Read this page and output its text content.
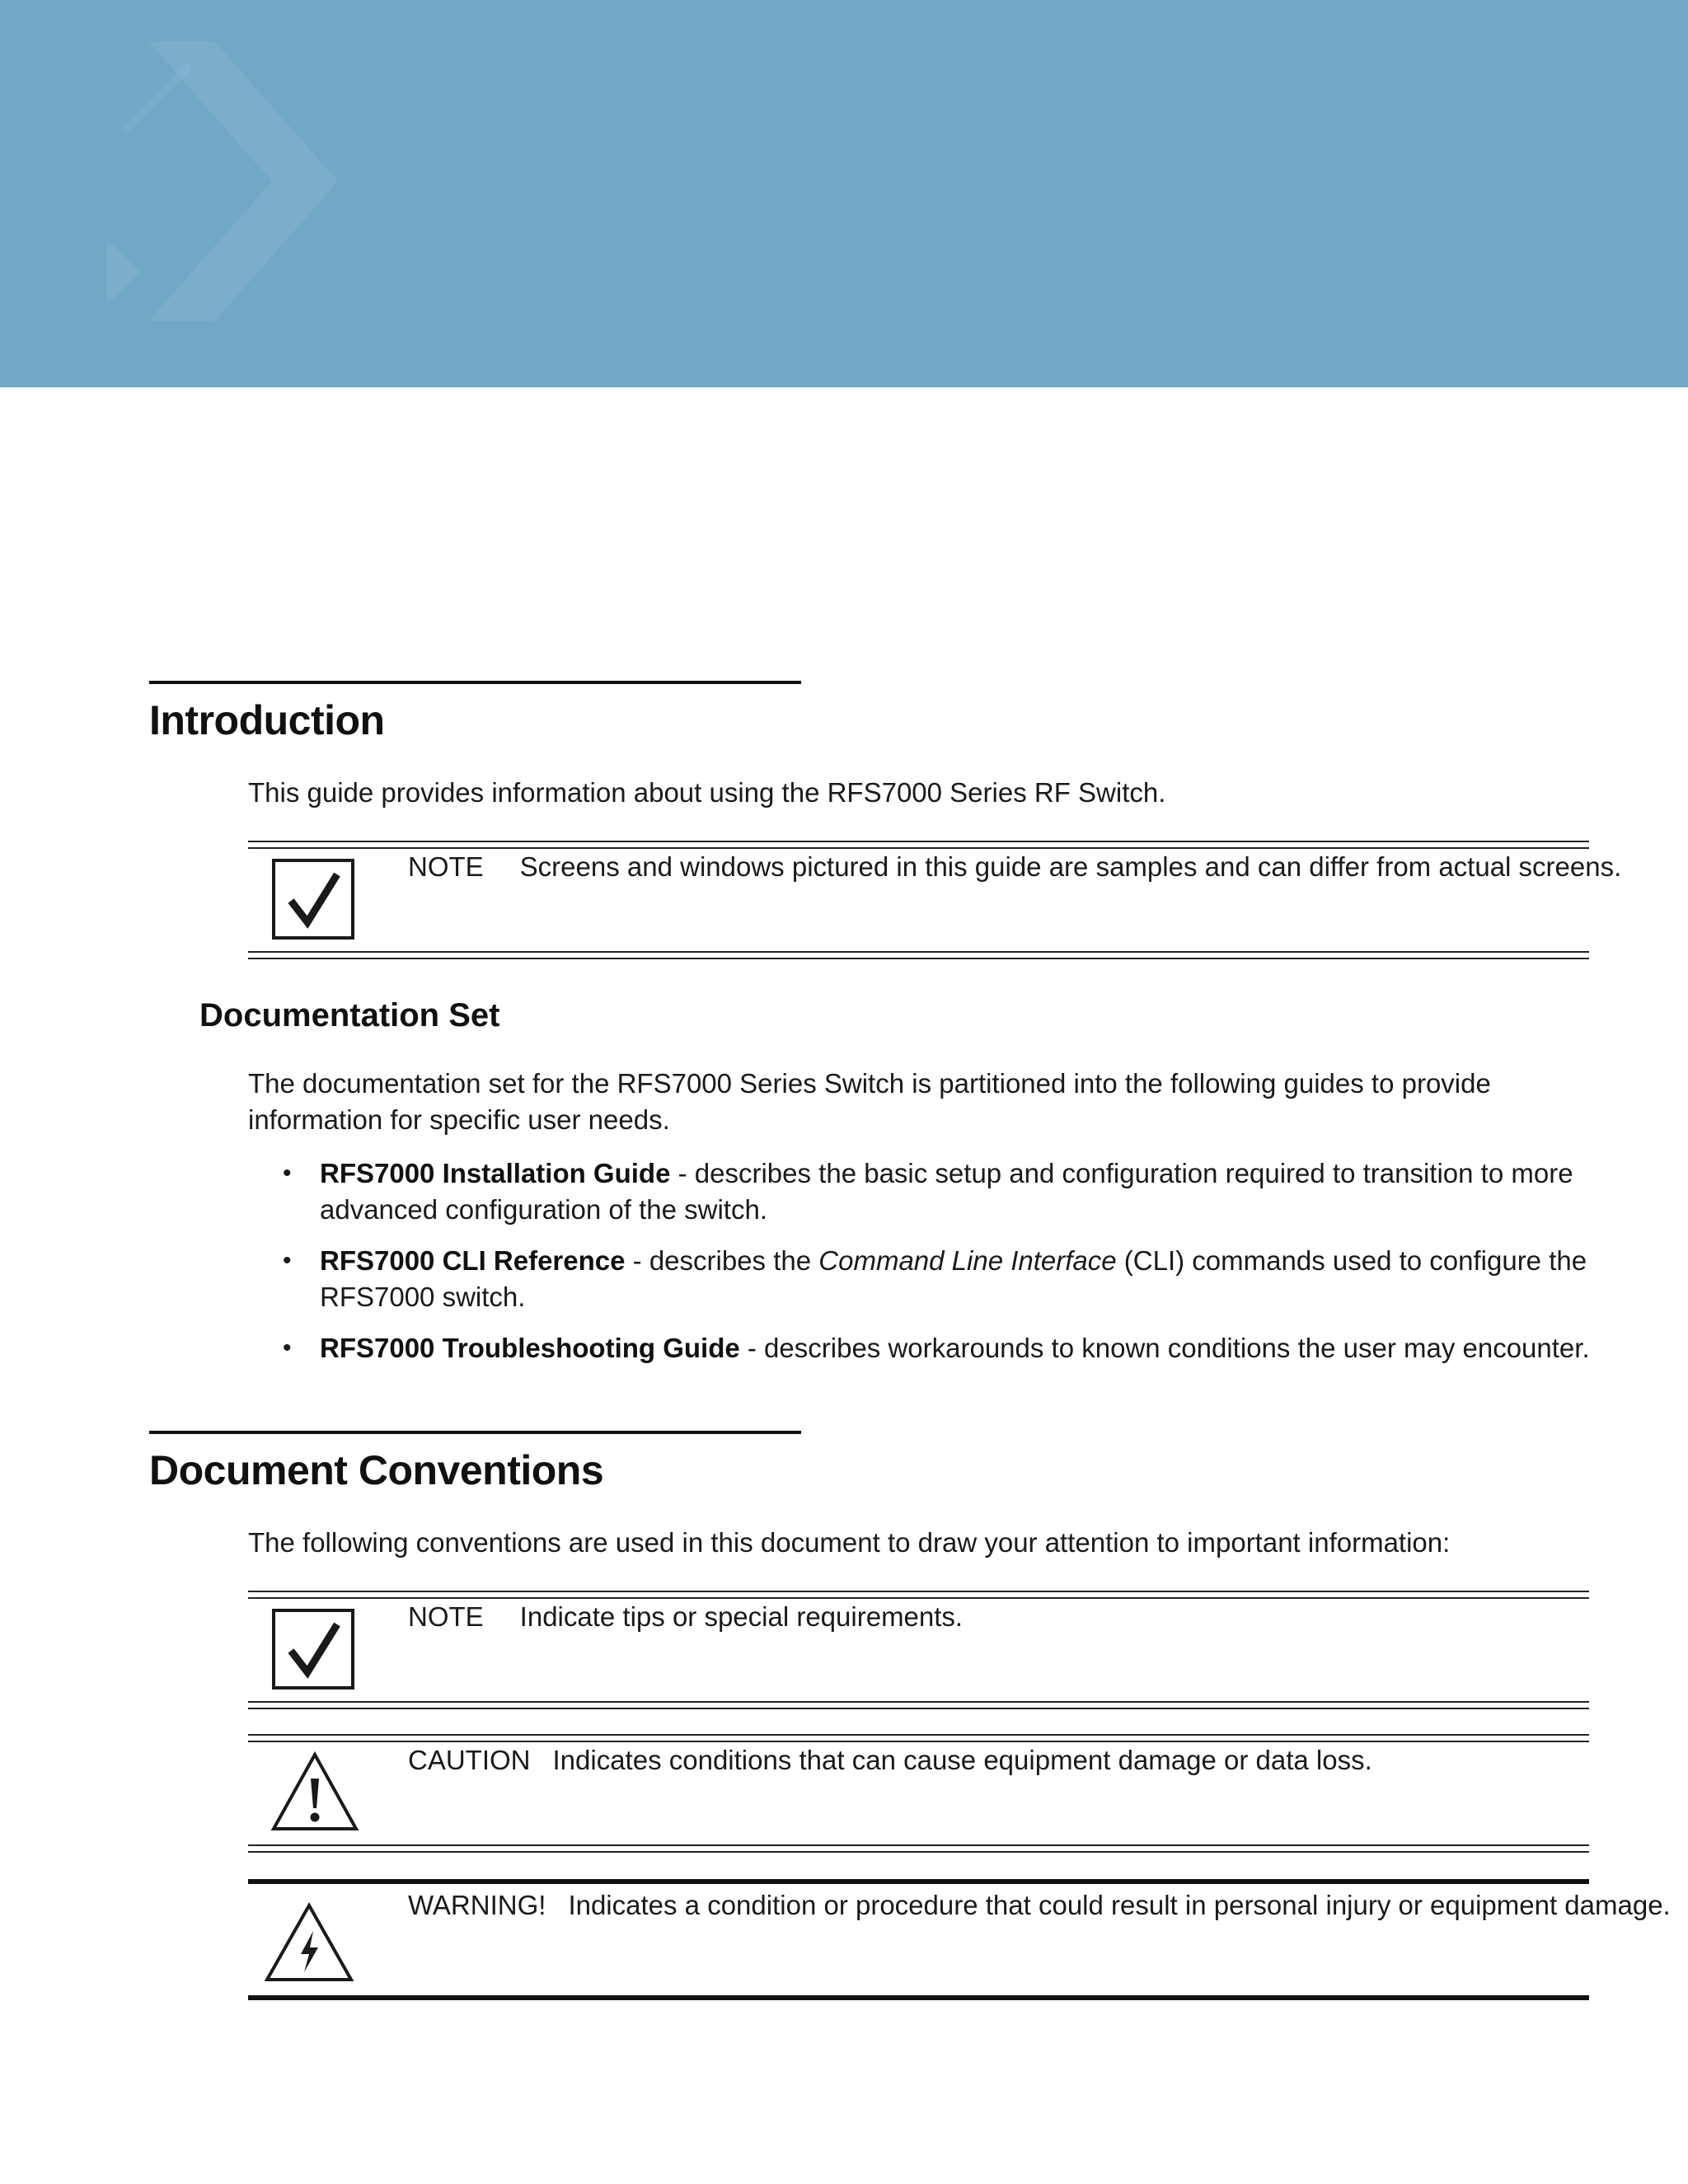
Introduction

This guide provides information about using the RFS7000 Series RF Switch.

NOTE Screens and windows pictured in this guide are samples and can differ from actual screens.
Documentation Set

The documentation set for the RFS7000 Series Switch is partitioned into the following guides to provide information for specific user needs.

• RFS7000 Installation Guide - describes the basic setup and configuration required to transition to more advanced configuration of the switch.
• RFS7000 CLI Reference - describes the Command Line Interface (CLI) commands used to configure the RFS7000 switch.
• RFS7000 Troubleshooting Guide - describes workarounds to known conditions the user may encounter.
Document Conventions

The following conventions are used in this document to draw your attention to important information:

NOTE Indicate tips or special requirements.
CAUTION Indicates conditions that can cause equipment damage or data loss.
WARNING! Indicates a condition or procedure that could result in personal injury or equipment damage.
